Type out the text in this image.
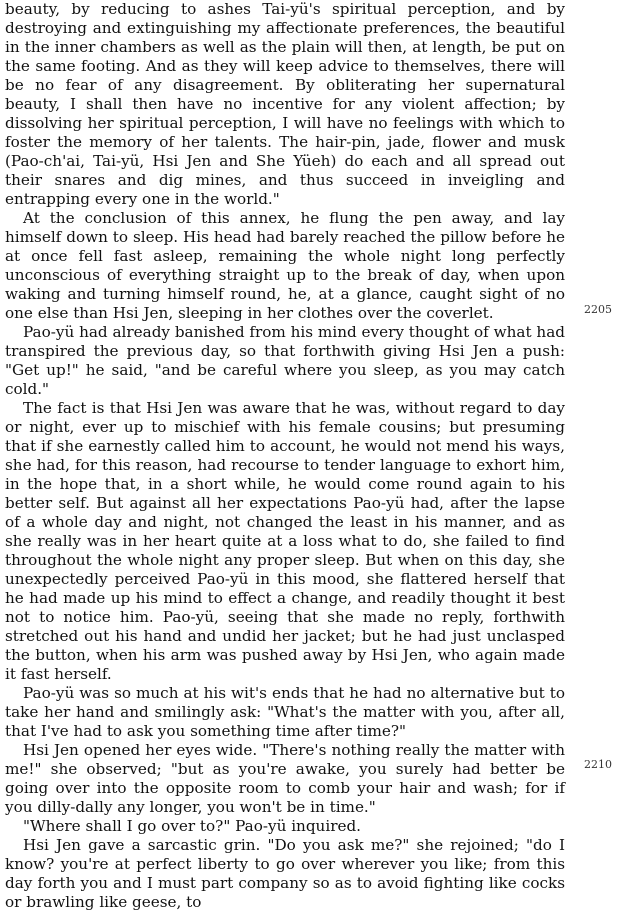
beauty, by reducing to ashes Tai-yü's spiritual perception, and by destroying and extinguishing my affectionate preferences, the beautiful in the inner chambers as well as the plain will then, at length, be put on the same footing. And as they will keep advice to themselves, there will be no fear of any disagreement. By obliterating her supernatural beauty, I shall then have no incentive for any violent affection; by dissolving her spiritual perception, I will have no feelings with which to foster the memory of her talents. The hair-pin, jade, flower and musk (Pao-ch'ai, Tai-yü, Hsi Jen and She Yüeh) do each and all spread out their snares and dig mines, and thus succeed in inveigling and entrapping every one in the world."

At the conclusion of this annex, he flung the pen away, and lay himself down to sleep. His head had barely reached the pillow before he at once fell fast asleep, remaining the whole night long perfectly unconscious of everything straight up to the break of day, when upon waking and turning himself round, he, at a glance, caught sight of no one else than Hsi Jen, sleeping in her clothes over the coverlet.

Pao-yü had already banished from his mind every thought of what had transpired the previous day, so that forthwith giving Hsi Jen a push: "Get up!" he said, "and be careful where you sleep, as you may catch cold."

The fact is that Hsi Jen was aware that he was, without regard to day or night, ever up to mischief with his female cousins; but presuming that if she earnestly called him to account, he would not mend his ways, she had, for this reason, had recourse to tender language to exhort him, in the hope that, in a short while, he would come round again to his better self. But against all her expectations Pao-yü had, after the lapse of a whole day and night, not changed the least in his manner, and as she really was in her heart quite at a loss what to do, she failed to find throughout the whole night any proper sleep. But when on this day, she unexpectedly perceived Pao-yü in this mood, she flattered herself that he had made up his mind to effect a change, and readily thought it best not to notice him. Pao-yü, seeing that she made no reply, forthwith stretched out his hand and undid her jacket; but he had just unclasped the button, when his arm was pushed away by Hsi Jen, who again made it fast herself.

Pao-yü was so much at his wit's ends that he had no alternative but to take her hand and smilingly ask: "What's the matter with you, after all, that I've had to ask you something time after time?"

Hsi Jen opened her eyes wide. "There's nothing really the matter with me!" she observed; "but as you're awake, you surely had better be going over into the opposite room to comb your hair and wash; for if you dilly-dally any longer, you won't be in time."

"Where shall I go over to?" Pao-yü inquired.

Hsi Jen gave a sarcastic grin. "Do you ask me?" she rejoined; "do I know? you're at perfect liberty to go over wherever you like; from this day forth you and I must part company so as to avoid fighting like cocks or brawling like geese, to

2205
2210
